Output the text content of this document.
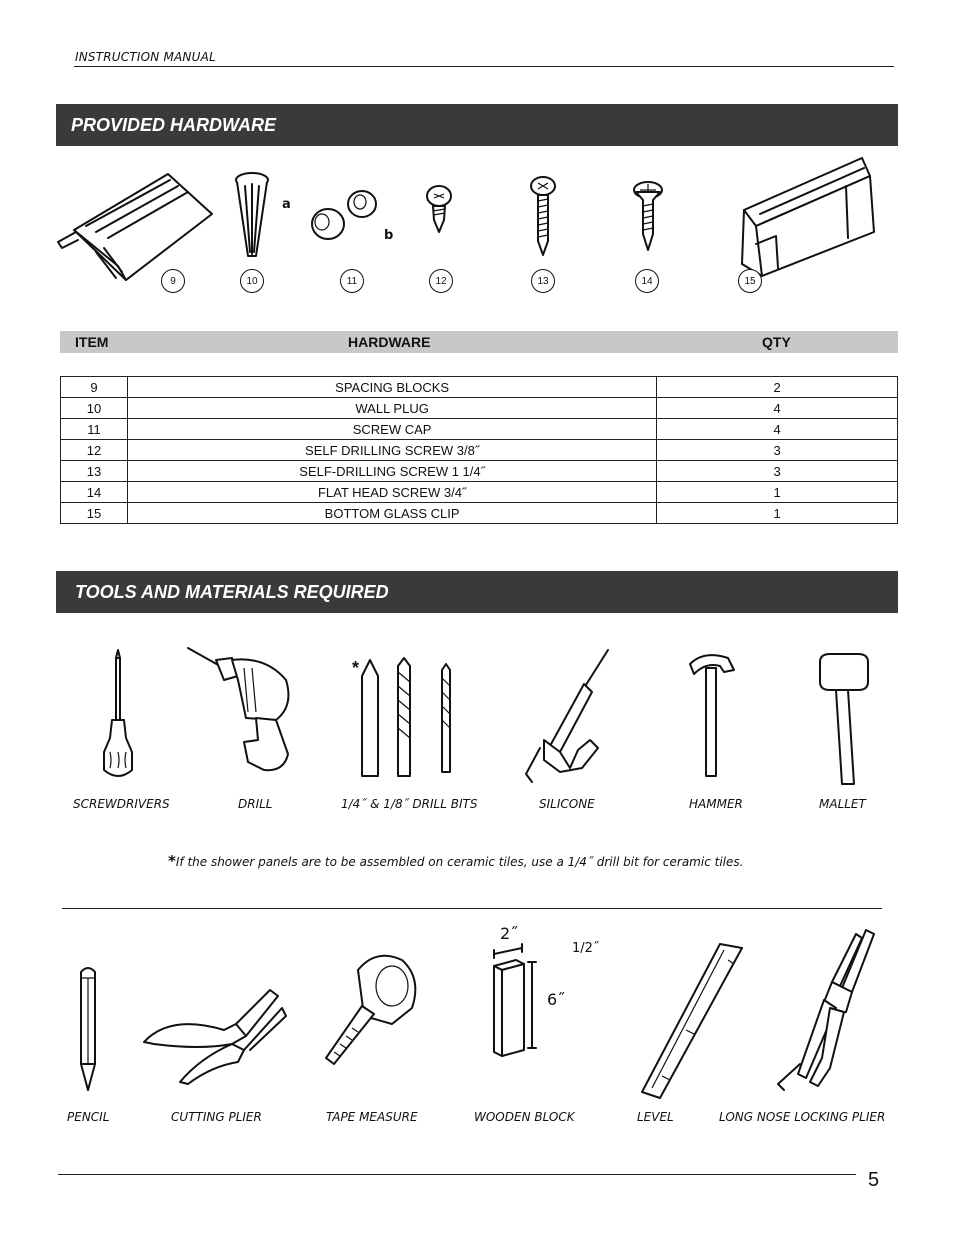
INSTRUCTION MANUAL
PROVIDED HARDWARE
9	10
a
b
11	12	13	14	15
ITEM	HARDWARE	QTY
9	SPACING BLOCKS	2
10	WALL PLUG	4
11	SCREW CAP	4
12	SELF DRILLING SCREW 3/8˝	3
13	SELF-DRILLING SCREW 1 1/4˝	3
14	FLAT HEAD SCREW 3/4˝	1
15	BOTTOM GLASS CLIP	1
TOOLS AND MATERIALS REQUIRED
*
SCREWDRIVERS	DRILL	1/4˝ & 1/8˝ DRILL BITS	SILICONE	HAMMER	MALLET
*If the shower panels are to be assembled on ceramic tiles, use a 1/4˝ drill bit for ceramic tiles.
2˝
1/2˝
6˝
PENCIL	CUTTING PLIER	TAPE MEASURE	WOODEN BLOCK	LEVEL	LONG NOSE LOCKING PLIER
5
